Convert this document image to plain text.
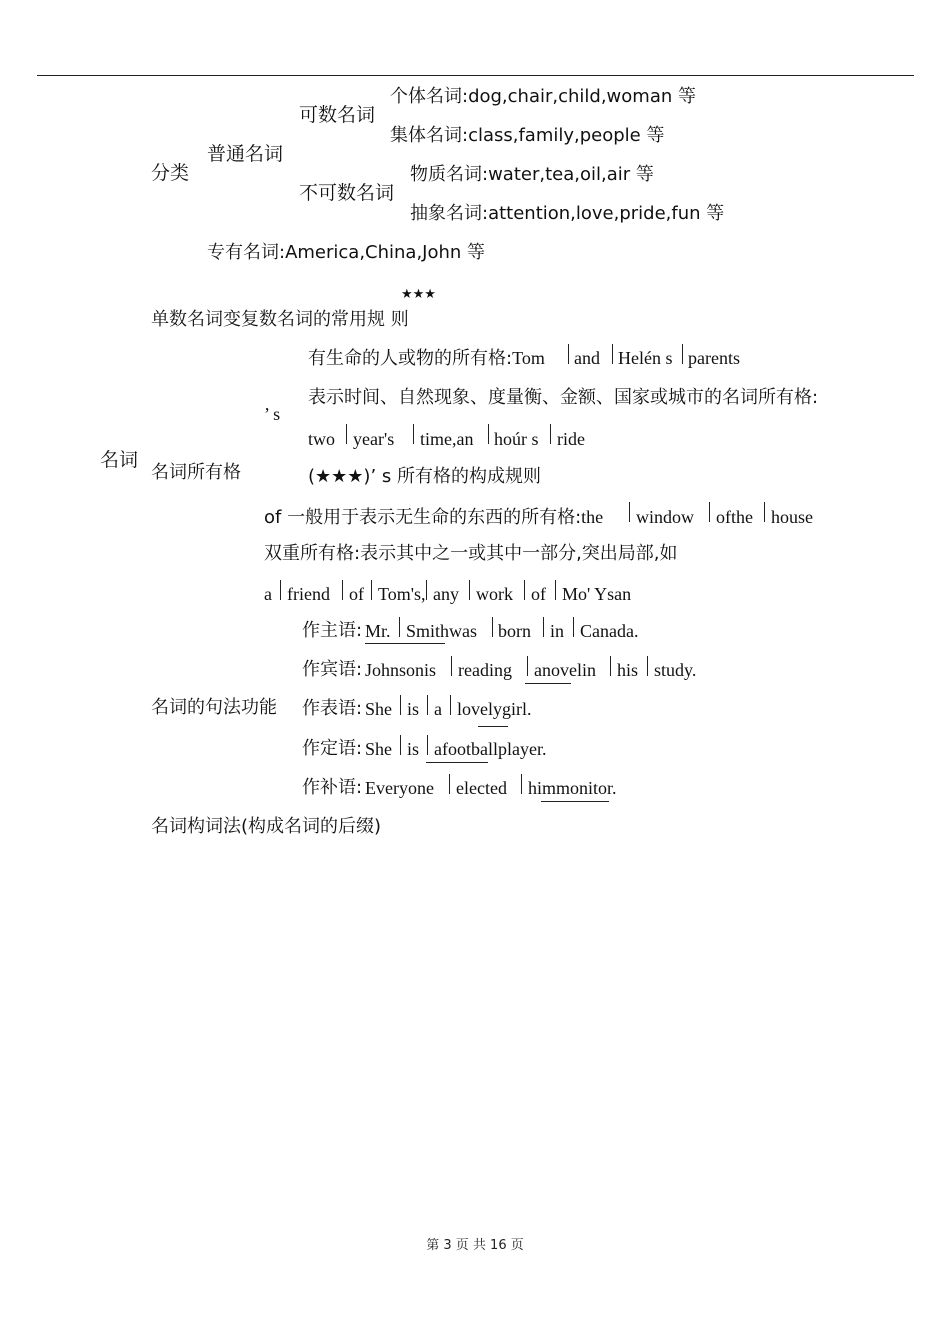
名词
分类
普通名词
可数名词
个体名词:dog,chair,child,woman 等
集体名词:class,family,people 等
不可数名词
物质名词:water,tea,oil,air 等
抽象名词:attention,love,pride,fun 等
专有名词:America,China,John 等
★★★
单数名词变复数名词的常用规 则
名词所有格
’ s
有生命的人或物的所有格:Tom and Helén s parents
表示时间、自然现象、度量衡、金额、国家或城市的名词所有格:
two year's time,an hoúr s ride
(★★★)’ s 所有格的构成规则
of 一般用于表示无生命的东西的所有格:the window ofthe house
双重所有格:表示其中之一或其中一部分,突出局部,如
a friend of Tom's, any work of Mo' Ysan
名词的句法功能
作主语: Mr. Smithwas born in Canada.
作宾语: Johnsonis reading anovelin his study.
作表语: She is a lovelygirl.
作定语: She is afootballplayer.
作补语: Everyone elected himmonitor.
名词构词法(构成名词的后缀)
第 3 页 共 16 页
